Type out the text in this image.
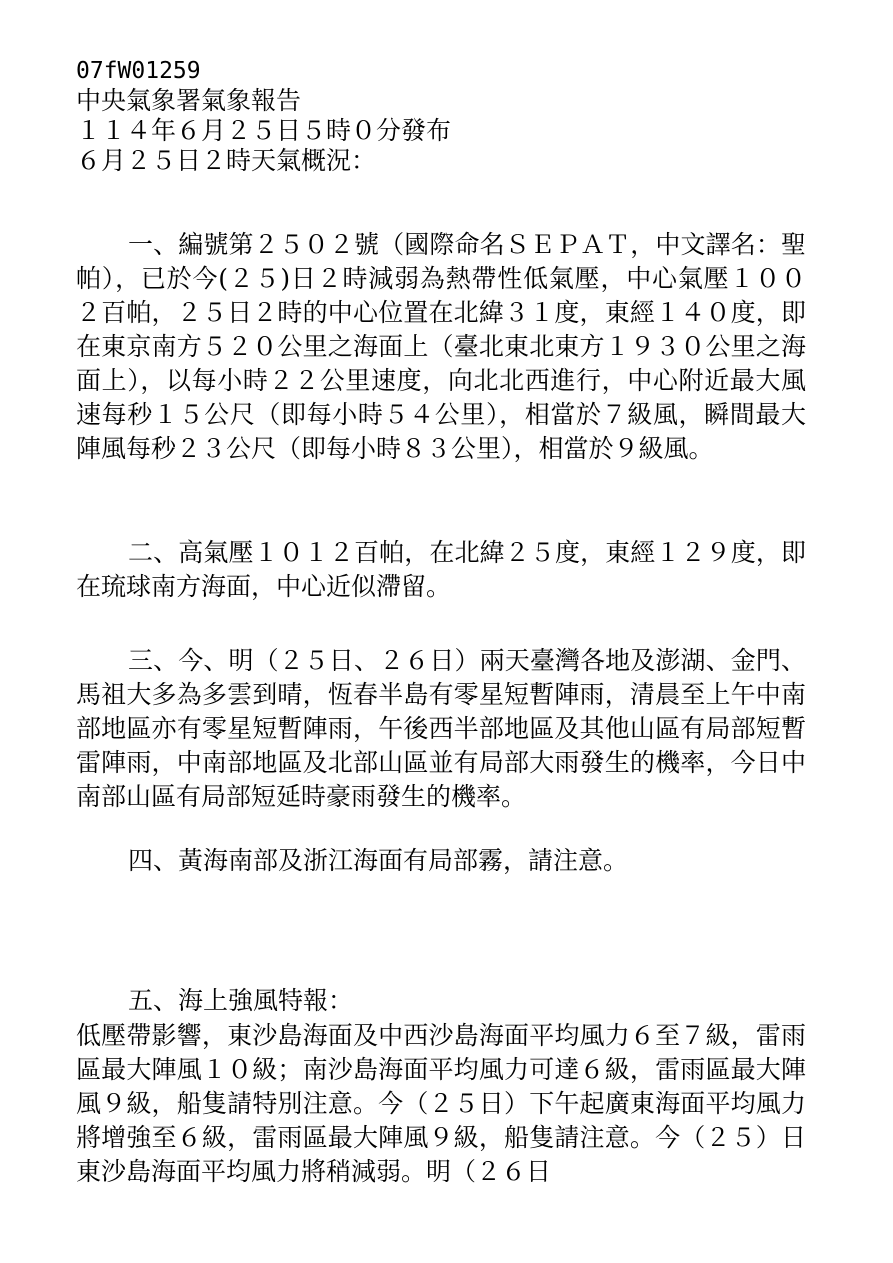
07fW01259
中央氣象署氣象報告
１１４年６月２５日５時０分發布
６月２５日２時天氣概況：

一、編號第２５０２號（國際命名ＳＥＰＡＴ，中文譯名：聖帕），已於今(２５)日２時減弱為熱帶性低氣壓，中心氣壓１００２百帕，２５日２時的中心位置在北緯３１度，東經１４０度，即在東京南方５２０公里之海面上（臺北東北東方１９３０公里之海面上），以每小時２２公里速度，向北北西進行，中心附近最大風速每秒１５公尺（即每小時５４公里），相當於７級風，瞬間最大陣風每秒２３公尺（即每小時８３公里），相當於９級風。

二、高氣壓１０１２百帕，在北緯２５度，東經１２９度，即在琉球南方海面，中心近似滯留。

三、今、明（２５日、２６日）兩天臺灣各地及澎湖、金門、馬祖大多為多雲到晴，恆春半島有零星短暫陣雨，清晨至上午中南部地區亦有零星短暫陣雨，午後西半部地區及其他山區有局部短暫雷陣雨，中南部地區及北部山區並有局部大雨發生的機率，今日中南部山區有局部短延時豪雨發生的機率。

四、黃海南部及浙江海面有局部霧，請注意。

五、海上強風特報：

低壓帶影響，東沙島海面及中西沙島海面平均風力６至７級，雷雨區最大陣風１０級；南沙島海面平均風力可達６級，雷雨區最大陣風９級，船隻請特別注意。今（２５日）下午起廣東海面平均風力將增強至６級，雷雨區最大陣風９級，船隻請注意。今（２５）日東沙島海面平均風力將稍減弱。明（２６日
